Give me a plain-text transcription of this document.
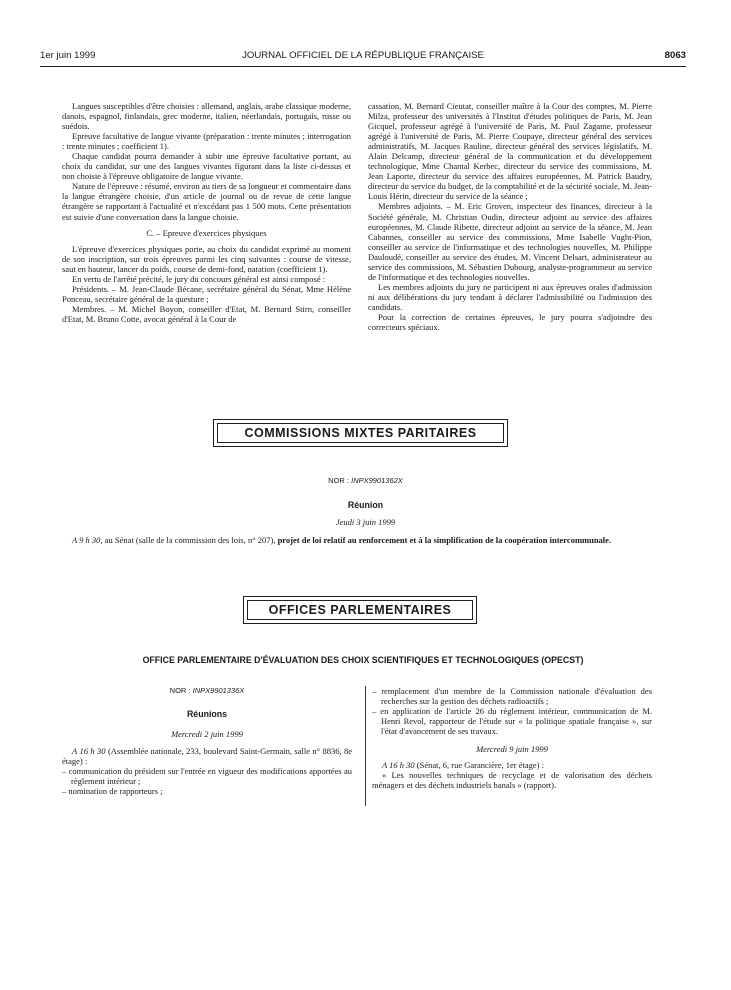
1er juin 1999	JOURNAL OFFICIEL DE LA RÉPUBLIQUE FRANÇAISE	8063

Langues susceptibles d'être choisies : allemand, anglais, arabe classique moderne, danois, espagnol, finlandais, grec moderne, italien, néerlandais, portugais, russe ou suédois.

Epreuve facultative de langue vivante (préparation : trente minutes ; interrogation : trente minutes ; coefficient 1).

Chaque candidat pourra demander à subir une épreuve facultative portant, au choix du candidat, sur une des langues vivantes figurant dans la liste ci-dessus et non choisie à l'épreuve obligatoire de langue vivante.

Nature de l'épreuve : résumé, environ au tiers de sa longueur et commentaire dans la langue étrangère choisie, d'un article de journal ou de revue de cette langue étrangère se rapportant à l'actualité et n'excédant pas 1 500 mots. Cette présentation est suivie d'une conversation dans la langue choisie.

C. – Epreuve d'exercices physiques

L'épreuve d'exercices physiques porte, au choix du candidat exprimé au moment de son inscription, sur trois épreuves parmi les cinq suivantes : course de vitesse, saut en hauteur, lancer du poids, course de demi-fond, natation (coefficient 1).

En vertu de l'arrêté précité, le jury du concours général est ainsi composé :

Présidents. – M. Jean-Claude Bécane, secrétaire général du Sénat, Mme Hélène Ponceau, secrétaire général de la questure ;

Membres. – M. Michel Boyon, conseiller d'Etat, M. Bernard Stirn, conseiller d'Etat, M. Bruno Cotte, avocat général à la Cour de

cassation, M. Bernard Cieutat, conseiller maître à la Cour des comptes, M. Pierre Milza, professeur des universités à l'Institut d'études politiques de Paris, M. Jean Gicquel, professeur agrégé à l'université de Paris, M. Paul Zagame, professeur agrégé à l'université de Paris, M. Pierre Coupaye, directeur général des services administratifs, M. Jacques Rauline, directeur général des services législatifs, M. Alain Delcamp, directeur général de la communication et du développement technologique, Mme Chantal Kerbec, directeur du service des commissions, M. Jean Laporte, directeur du service des affaires européennes, M. Patrick Baudry, directeur du service du budget, de la comptabilité et de la sécurité sociale, M. Jean-Louis Hérin, directeur du service de la séance ;

Membres adjoints. – M. Eric Groven, inspecteur des finances, directeur à la Société générale, M. Christian Oudin, directeur adjoint au service des affaires européennes, M. Claude Ribette, directeur adjoint au service de la séance, M. Jean Cabannes, conseiller au service des commissions, Mme Isabelle Vught-Pion, conseiller au service de l'informatique et des technologies nouvelles, M. Philippe Dauloudé, conseiller au service des études, M. Vincent Delsart, administrateur au service des commissions, M. Sébastien Dubourg, analyste-programmeur au service de l'informatique et des technologies nouvelles.

Les membres adjoints du jury ne participent ni aux épreuves orales d'admission ni aux délibérations du jury tendant à déclarer l'admissibilité ou l'admission des candidats.

Pour la correction de certaines épreuves, le jury pourra s'adjoindre des correcteurs spéciaux.

COMMISSIONS MIXTES PARITAIRES
NOR : INPX9901362X
Réunion
Jeudi 3 juin 1999
A 9 h 30, au Sénat (salle de la commission des lois, n° 207), projet de loi relatif au renforcement et à la simplification de la coopération intercommunale.
OFFICES PARLEMENTAIRES
OFFICE PARLEMENTAIRE D'ÉVALUATION DES CHOIX SCIENTIFIQUES ET TECHNOLOGIQUES (OPECST)
NOR : INPX9901336X
Réunions
Mercredi 2 juin 1999

A 16 h 30 (Assemblée nationale, 233, boulevard Saint-Germain, salle n° 8836, 8e étage) :

– communication du président sur l'entrée en vigueur des modifications apportées au règlement intérieur ;

– nomination de rapporteurs ;

– remplacement d'un membre de la Commission nationale d'évaluation des recherches sur la gestion des déchets radioactifs ;

– en application de l'article 26 du règlement intérieur, communication de M. Henri Revol, rapporteur de l'étude sur « la politique spatiale française », sur l'état d'avancement de ses travaux.

Mercredi 9 juin 1999

A 16 h 30 (Sénat, 6, rue Garancière, 1er étage) :

« Les nouvelles techniques de recyclage et de valorisation des déchets ménagers et des déchets industriels banals » (rapport).
